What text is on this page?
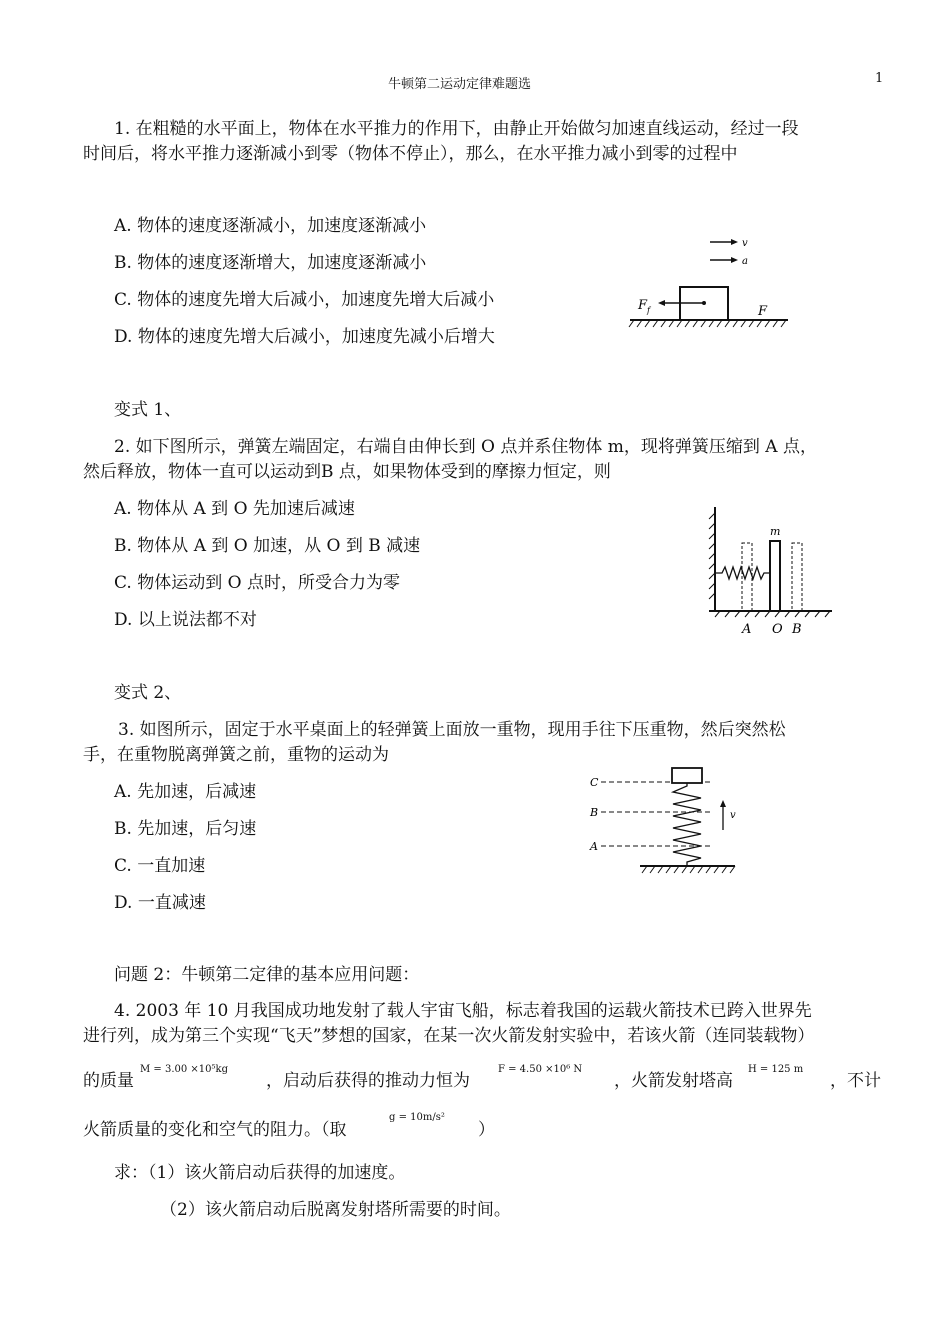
牛顿第二运动定律难题选	1
1. 在粗糙的水平面上，物体在水平推力的作用下，由静止开始做匀加速直线运动，经过一段
时间后，将水平推力逐渐减小到零（物体不停止），那么，在水平推力减小到零的过程中
A. 物体的速度逐渐减小，加速度逐渐减小
B. 物体的速度逐渐增大，加速度逐渐减小
C. 物体的速度先增大后减小，加速度先增大后减小
D. 物体的速度先增大后减小，加速度先减小后增大
v
a
F f	F
变式 1、
2. 如下图所示，弹簧左端固定，右端自由伸长到 O 点并系住物体 m，现将弹簧压缩到 A 点，
然后释放，物体一直可以运动到B 点，如果物体受到的摩擦力恒定，则
A. 物体从 A 到 O 先加速后减速
B. 物体从 A 到 O 加速，从 O 到 B 减速
C. 物体运动到 O 点时，所受合力为零
D. 以上说法都不对
m
A O B
变式 2、
3. 如图所示，固定于水平桌面上的轻弹簧上面放一重物，现用手往下压重物，然后突然松
手，在重物脱离弹簧之前，重物的运动为
A. 先加速，后减速
B. 先加速，后匀速
C. 一直加速
D. 一直减速
C
B
A
v
问题 2：牛顿第二定律的基本应用问题：
4. 2003 年 10 月我国成功地发射了载人宇宙飞船，标志着我国的运载火箭技术已跨入世界先
进行列，成为第三个实现“飞天”梦想的国家，在某一次火箭发射实验中，若该火箭（连同装载物）
的质量
M = 3.00 ×10⁵kg
，启动后获得的推动力恒为
F = 4.50 ×10⁶ N
，火箭发射塔高
H = 125 m
，不计
火箭质量的变化和空气的阻力。（取
g = 10m/s²
）
求：（1）该火箭启动后获得的加速度。
（2）该火箭启动后脱离发射塔所需要的时间。
